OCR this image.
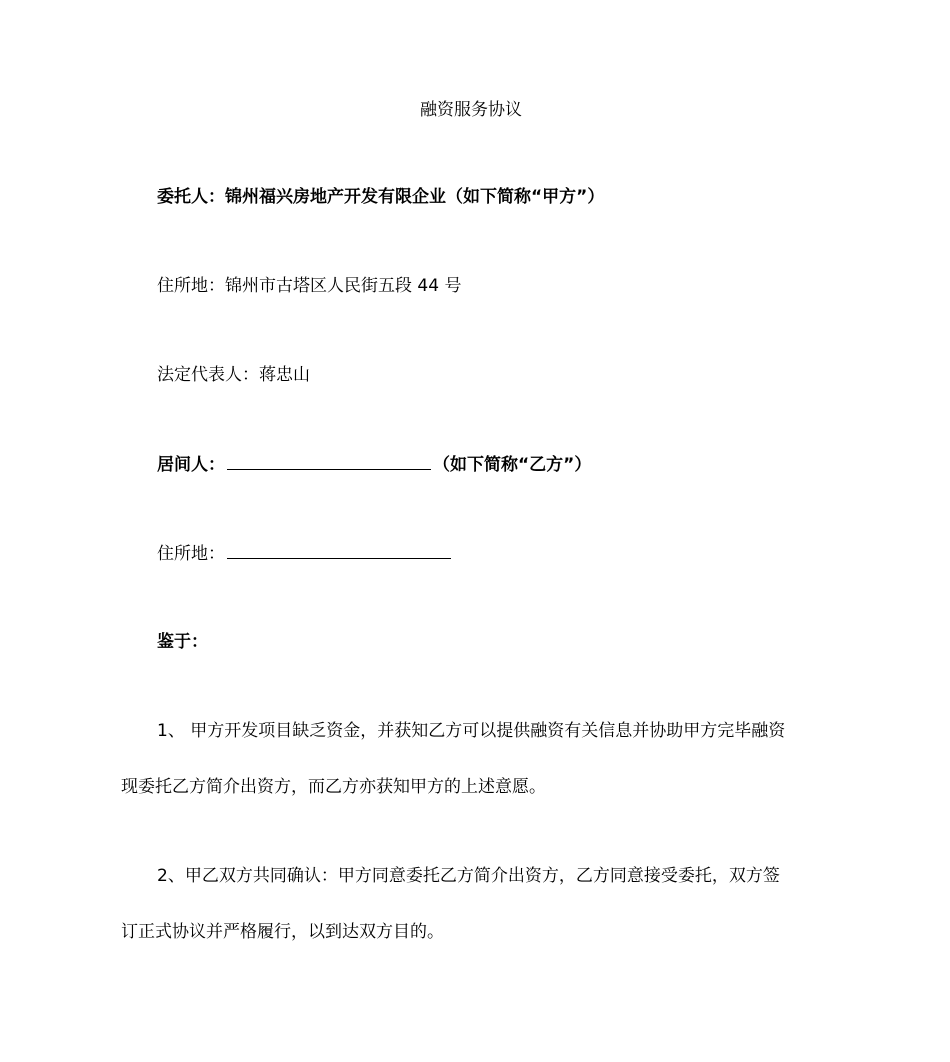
融资服务协议
委托人：锦州福兴房地产开发有限企业（如下简称“甲方”）
住所地：锦州市古塔区人民街五段 44 号
法定代表人：蒋忠山
居间人：	（如下简称“乙方”）
住所地：
鉴于：
1、 甲方开发项目缺乏资金，并获知乙方可以提供融资有关信息并协助甲方完毕融资
现委托乙方简介出资方，而乙方亦获知甲方的上述意愿。
2、甲乙双方共同确认：甲方同意委托乙方简介出资方，乙方同意接受委托，双方签
订正式协议并严格履行，以到达双方目的。
